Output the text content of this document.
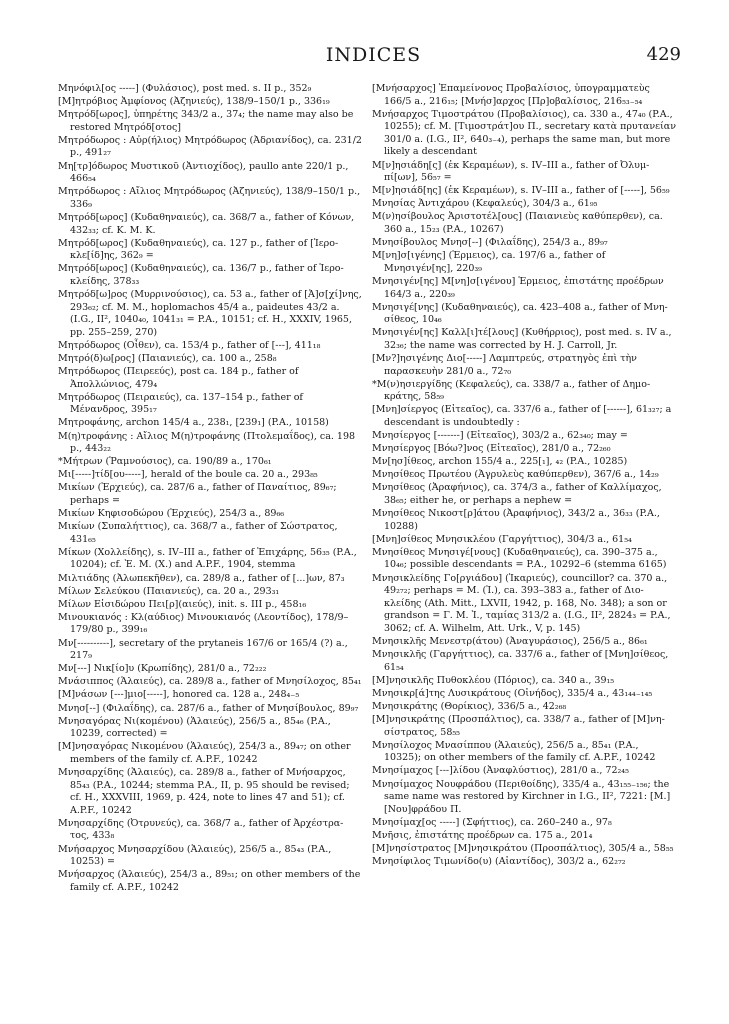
INDICES	429
Μηνόφιλ[ος -----] (Φυλάσιος), post med. s. II p., 352₉
[Μ]ητρόβιος Ἀμφίονος (Ἀζηνιεύς), 138/9–150/1 p., 336₁₉
Μητρόδ[ωρος], ὑπηρέτης 343/2 a., 37₄; the name may also be restored Μητρόδ[οτος]
Μητρόδωρος : Αὐρ(ήλιος) Μητρόδωρος (Ἀδριανίδος), ca. 231/2 p., 491₂₇
Μη[τρ]όδωρος Μυστικοῦ (Ἀντιοχίδος), paullo ante 220/1 p., 466₅₄
Μητρόδωρος : Αἴλιος Μητρόδωρος (Ἀζηνιεύς), 138/9–150/1 p., 336₉
Μητρόδ[ωρος] (Κυδαθηναιεύς), ca. 368/7 a., father of Κόνων, 432₃₃; cf. K. M. K.
Μητρόδ[ωρος] (Κυδαθηναιεύς), ca. 127 p., father of [Ἱερο-κλε[ίδ]ης, 362₉ =
Μητρόδ[ωρος] (Κυδαθηναιεύς), ca. 136/7 p., father of Ἱερο-κλείδης, 378₃₃
Μητρόδ[ω]ρος (Μυρρινούσιος), ca. 53 a., father of [Ἀ]σ[χί]νης, 293₆₂; cf. M. M., hoplomachos 45/4 a., paideutes 43/2 a. (I.G., II², 1040₄₀, 1041₃₁ = P.A., 10151; cf. H., XXXIV, 1965, pp. 255–259, 270)
Μητρόδωρος (Οἶθεν), ca. 153/4 p., father of [---], 411₁₈
Μητρό(δ)ω[ρος] (Παιανιεύς), ca. 100 a., 258₈
Μητρόδωρος (Πειρεεύς), post ca. 184 p., father of Ἀπολλώνιος, 479₄
Μητρόδωρος (Πειραιεύς), ca. 137–154 p., father of Μένανδρος, 395₁₇
Μητροφάνης, archon 145/4 a., 238₁, [239₁] (P.A., 10158)
Μ(η)τροφάνης : Αἴλιος Μ(η)τροφάνης (Πτολεμαΐδος), ca. 198 p., 443₂₂
*Μήτρων (Ῥαμνούσιος), ca. 190/89 a., 170₆₁
Μι[-----]τίδ[ου-----], herald of the boule ca. 20 a., 293₈₅
Μικίων (Ἐρχιεύς), ca. 287/6 a., father of Παναίτιος, 89₆₇; perhaps =
Μικίων Κηφισοδώρου (Ἐρχιεύς), 254/3 a., 89₆₆
Μικίων (Συπαλήττιος), ca. 368/7 a., father of Σώστρατος, 431₆₅
Μίκων (Χολλείδης), s. IV–III a., father of Ἐπιχάρης, 56₃₅ (P.A., 10204); cf. Ἐ. M. (X.) and A.P.F., 1904, stemma
Μιλτιάδης (Ἀλωπεκῆθεν), ca. 289/8 a., father of [...]ων, 87₃
Μίλων Σελεύκου (Παιανιεύς), ca. 20 a., 293₃₁
Μίλων Εἰσιδώρου Πει[ρ](αιεύς), init. s. III p., 458₁₆
Μινουκιανός : Κλ(αύδιος) Μινουκιανός (Λεοντίδος), 178/9–179/80 p., 399₁₆
Μν[----------], secretary of the prytaneis 167/6 or 165/4 (?) a., 217₉
Μν[---] Νικ[ίο]υ (Κρωπίδης), 281/0 a., 72₂₂₂
Μνάσιππος (Ἁλαιεύς), ca. 289/8 a., father of Μνησίλοχος, 85₄₁
[Μ]νάσων [---]μιο[-----], honored ca. 128 a., 248₄₋₅
Μνησ[--] (Φιλαΐδης), ca. 287/6 a., father of Μνησίβουλος, 89₉₇
Μνησαγόρας Νι(κομένου) (Ἁλαιεύς), 256/5 a., 85₄₆ (P.A., 10239, corrected) =
[Μ]νησαγόρας Νικομένου (Ἁλαιεύς), 254/3 a., 89₄₇; on other members of the family cf. A.P.F., 10242
Μνησαρχίδης (Ἁλαιεύς), ca. 289/8 a., father of Μνήσαρχος, 85₄₃ (P.A., 10244; stemma P.A., II, p. 95 should be revised; cf. H., XXXVIII, 1969, p. 424, note to lines 47 and 51); cf. A.P.F., 10242
Μνησαρχίδης (Ὀτρυνεύς), ca. 368/7 a., father of Ἀρχέστρα-τος, 433₈
Μνήσαρχος Μνησαρχίδου (Ἁλαιεύς), 256/5 a., 85₄₃ (P.A., 10253) =
Μνήσαρχος (Ἁλαιεύς), 254/3 a., 89₅₁; on other members of the family cf. A.P.F., 10242
[Μνήσαρχος] Ἐπαμείνονος Προβαλίσιος, ὑπογραμματεὺς 166/5 a., 216₁₅; [Μνήσ]αρχος [Πρ]οβαλίσιος, 216₅₃₋₅₄
Μνήσαρχος Τιμοστράτου (Προβαλίσιος), ca. 330 a., 47₄₀ (P.A., 10255); cf. M. [Τιμοστράτ]ου Π., secretary κατὰ πρυτανείαν 301/0 a. (I.G., II², 640₃₋₄), perhaps the same man, but more likely a descendant
Μ[ν]ησιάδη[ς] (ἐκ Κεραμέων), s. IV–III a., father of Ὀλυμ-πί[ων], 56₅₇ =
Μ[ν]ησιάδ[ης] (ἐκ Κεραμέων), s. IV–III a., father of [-----], 56₅₉
Μνησίας Ἀντιχάρου (Κεφαλεύς), 304/3 a., 61₉₅
Μ(ν)ησίβουλος Ἀριστοτέλ[ους] (Παιανιεὺς καθύπερθεν), ca. 360 a., 15₂₃ (P.A., 10267)
Μνησίβουλος Μνησ[--] (Φιλαΐδης), 254/3 a., 89₉₇
Μ[νη]σ[ιγένης] (Ἑρμειος), ca. 197/6 a., father of Μνησιγέν[ης], 220₃₉
Μνησιγέν[ης] Μ[νη]σ[ιγένου] Ἑρμειος, ἐπιστάτης προέδρων 164/3 a., 220₃₉
Μνησιγέ[νης] (Κυδαθηναιεύς), ca. 423–408 a., father of Μνη-σίθεος, 10₄₆
Μνησιγέν[ης] Καλλ[ι]τέ[λους] (Κυθήρριος), post med. s. IV a., 32₃₆; the name was corrected by H. J. Carroll, Jr.
[Μν?]ησιγένης Διο[-----] Λαμπτρεύς, στρατηγὸς ἐπὶ τὴν παρασκευὴν 281/0 a., 72₇₀
*Μ(ν)ησιεργίδης (Κεφαλεύς), ca. 338/7 a., father of Δημο-κράτης, 58₅₉
[Μνη]σίεργος (Εἰτεαῖος), ca. 337/6 a., father of [------], 61₃₂₇; a descendant is undoubtedly :
Μνησίεργος [-------] (Εἰτεαῖος), 303/2 a., 62₃₄₀; may =
Μνησίεργος [Βόω?]νος (Εἰτεαῖος), 281/0 a., 72₂₆₀
Μν[ησ]ίθεος, archon 155/4 a., 225[₁], ₄₂ (P.A., 10285)
Μνησίθεος Πρωτέου (Ἀγρυλεὺς καθύπερθεν), 367/6 a., 14₂₉
Μνησίθεος (Ἀραφήνιος), ca. 374/3 a., father of Καλλίμαχος, 38₆₅; either he, or perhaps a nephew =
Μνησίθεος Νικοστ[ρ]άτου (Ἀραφήνιος), 343/2 a., 36₃₃ (P.A., 10288)
[Μνη]σίθεος Μνησικλέου (Γαργήττιος), 304/3 a., 61₅₄
Μνησίθεος Μνησιγέ[νους] (Κυδαθηναιεύς), ca. 390–375 a., 10₄₆; possible descendants = P.A., 10292–6 (stemma 6165)
Μνησικλείδης Γο[ργιάδου] (Ἰκαριεύς), councillor? ca. 370 a., 49₂₇₂; perhaps = M. (Ἰ.), ca. 393–383 a., father of Διο-κλείδης (Ath. Mitt., LXVII, 1942, p. 168, No. 348); a son or grandson = Γ. M. Ἰ., ταμίας 313/2 a. (I.G., II², 2824₃ = P.A., 3062; cf. A. Wilhelm, Att. Urk., V, p. 145)
Μνησικλῆς Μενεστρ(άτου) (Ἀναγυράσιος), 256/5 a., 86₆₁
Μνησικλῆς (Γαργήττιος), ca. 337/6 a., father of [Μνη]σίθεος, 61₅₄
[Μ]νησικλῆς Πυθοκλέου (Πόριος), ca. 340 a., 39₁₅
Μνησικρ[ά]της Λυσικράτους (Οἰνήδος), 335/4 a., 43₁₄₄₋₁₄₅
Μνησικράτης (Θορίκιος), 336/5 a., 42₂₆₈
[Μ]νησικράτης (Προσπάλτιος), ca. 338/7 a., father of [Μ]νη-σίστρατος, 58₅₅
Μνησίλοχος Μνασίππου (Ἁλαιεύς), 256/5 a., 85₄₁ (P.A., 10325); on other members of the family cf. A.P.F., 10242
Μνησίμαχος [---]λίδου (Ἀναφλύστιος), 281/0 a., 72₂₄₅
Μνησίμαχος Νουφράδου (Περιθοίδης), 335/4 a., 43₁₅₅₋₁₅₆; the same name was restored by Kirchner in I.G., II², 7221: [M.] [Νου]φράδου Π.
Μνησίμαχ[ος -----] (Σφήττιος), ca. 260–240 a., 97₈
Μνῆσις, ἐπιστάτης προέδρων ca. 175 a., 201₄
[Μ]νησίστρατος [Μ]νησικράτου (Προσπάλτιος), 305/4 a., 58₅₅
Μνησίφιλος Τιμωνίδο(υ) (Αἰαντίδος), 303/2 a., 62₂₇₂
